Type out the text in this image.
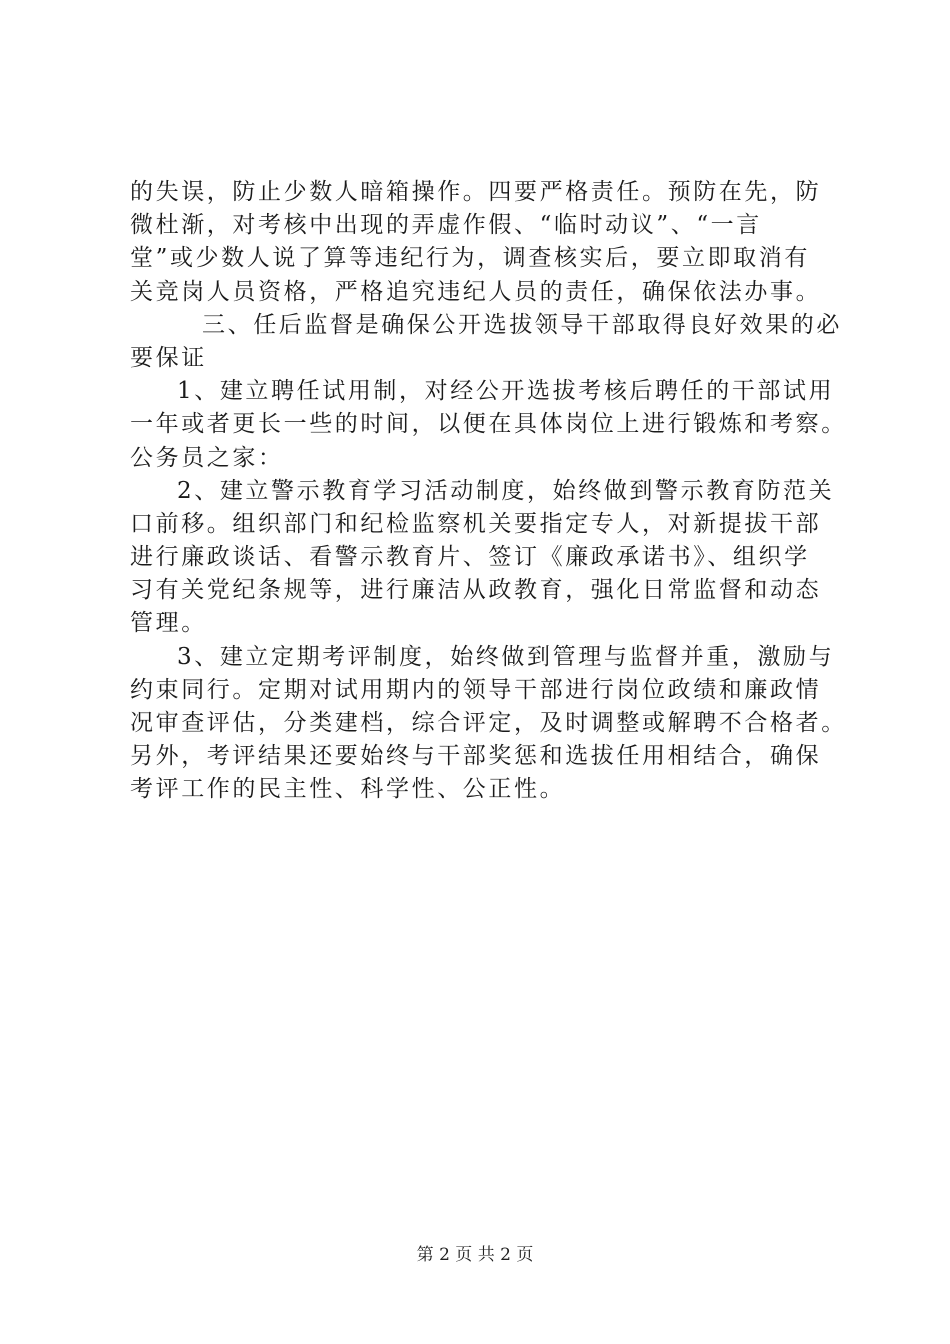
的失误，防止少数人暗箱操作。四要严格责任。预防在先，防
微杜渐，对考核中出现的弄虚作假、“临时动议”、“一言
堂”或少数人说了算等违纪行为，调查核实后，要立即取消有
关竞岗人员资格，严格追究违纪人员的责任，确保依法办事。
三、任后监督是确保公开选拔领导干部取得良好效果的必
要保证
1、建立聘任试用制，对经公开选拔考核后聘任的干部试用
一年或者更长一些的时间，以便在具体岗位上进行锻炼和考察。
公务员之家：
2、建立警示教育学习活动制度，始终做到警示教育防范关
口前移。组织部门和纪检监察机关要指定专人，对新提拔干部
进行廉政谈话、看警示教育片、签订《廉政承诺书》、组织学
习有关党纪条规等，进行廉洁从政教育，强化日常监督和动态
管理。
3、建立定期考评制度，始终做到管理与监督并重，激励与
约束同行。定期对试用期内的领导干部进行岗位政绩和廉政情
况审查评估，分类建档，综合评定，及时调整或解聘不合格者。
另外，考评结果还要始终与干部奖惩和选拔任用相结合，确保
考评工作的民主性、科学性、公正性。
第 2 页 共 2 页
